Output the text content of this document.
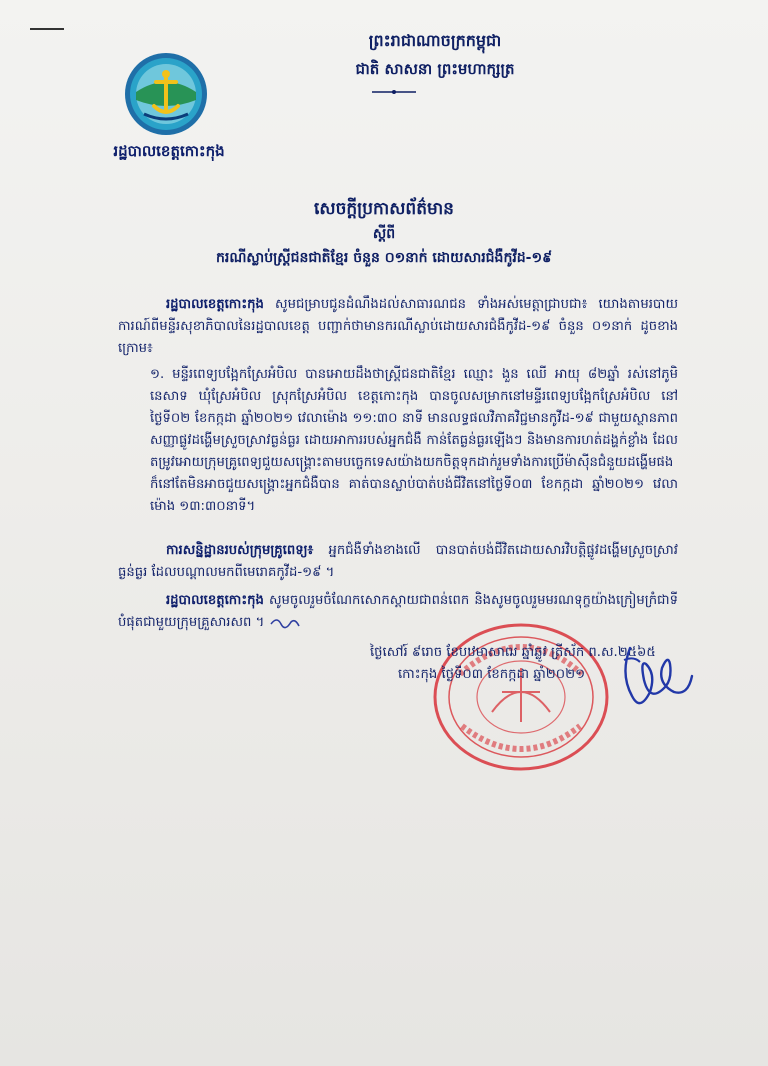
រដ្ឋបាលខេត្តកោះកុង
ព្រះរាជាណាចក្រកម្ពុជា
ជាតិ សាសនា ព្រះមហាក្សត្រ
សេចក្តីប្រកាសព័ត៌មាន
ស្តីពី
ករណីស្លាប់ស្ត្រីជនជាតិខ្មែរ ចំនួន ០១នាក់ ដោយសារជំងឺកូវីដ-១៩
រដ្ឋបាលខេត្តកោះកុង សូមជម្រាបជូនដំណឹងដល់សាធារណជន ទាំងអស់មេត្តាជ្រាបជា៖ យោងតាមរបាយការណ៍ពីមន្ទីរសុខាភិបាលនៃរដ្ឋបាលខេត្ត បញ្ជាក់ថាមានករណីស្លាប់ដោយសារជំងឺកូវីដ-១៩ ចំនួន ០១នាក់ ដូចខាងក្រោម៖
១. មន្ទីរពេទ្យបង្អែកស្រែអំបិល បានអោយដឹងថាស្ត្រីជនជាតិខ្មែរ ឈ្មោះ ងួន ឈើ អាយុ ៨២ឆ្នាំ រស់នៅភូមិនេសាទ ឃុំស្រែអំបិល ស្រុកស្រែអំបិល ខេត្តកោះកុង បានចូលសម្រាកនៅមន្ទីរពេទ្យបង្អែកស្រែអំបិល នៅថ្ងៃទី០២ ខែកក្កដា ឆ្នាំ២០២១ វេលាម៉ោង ១១:៣០ នាទី មានលទ្ធផលវិភាគវិជ្ជមានកូវីដ-១៩ ជាមួយស្ថានភាពសញ្ញាផ្លូវដង្ហើមស្រួចស្រាវធ្ងន់ធ្ងរ ដោយអាការរបស់អ្នកជំងឺ កាន់តែធ្ងន់ធ្ងរឡើងៗ និងមានការហត់ដង្ហក់ខ្លាំង ដែលតម្រូវអោយក្រុមគ្រូពេទ្យជួយសង្គ្រោះតាមបច្ចេកទេសយ៉ាងយកចិត្តទុកដាក់រួមទាំងការប្រើម៉ាស៊ីនជំនួយដង្ហើមផង ក៏នៅតែមិនអាចជួយសង្គ្រោះអ្នកជំងឺបាន គាត់បានស្លាប់បាត់បង់ជីវិតនៅថ្ងៃទី០៣ ខែកក្កដា ឆ្នាំ២០២១ វេលាម៉ោង ១៣:៣០នាទី។
ការសន្និដ្ឋានរបស់ក្រុមគ្រូពេទ្យ៖ អ្នកជំងឺទាំងខាងលើ បានបាត់បង់ជីវិតដោយសារវិបត្តិផ្លូវដង្ហើមស្រួចស្រាវធ្ងន់ធ្ងរ ដែលបណ្តាលមកពីមេរោគកូវីដ-១៩ ។
រដ្ឋបាលខេត្តកោះកុង សូមចូលរួមចំណែកសោកស្តាយជាពន់ពេក និងសូមចូលរួមមរណទុក្ខយ៉ាងក្រៀមក្រំជាទីបំផុតជាមួយក្រុមគ្រួសារសព ។
ថ្ងៃសៅរ៍ ៩រោច ខែបឋមាសាឍ ឆ្នាំឆ្លូវ ត្រីស័ក ព.ស.២៥៦៥
កោះកុង ថ្ងៃទី០៣ ខែកក្កដា ឆ្នាំ២០២១
